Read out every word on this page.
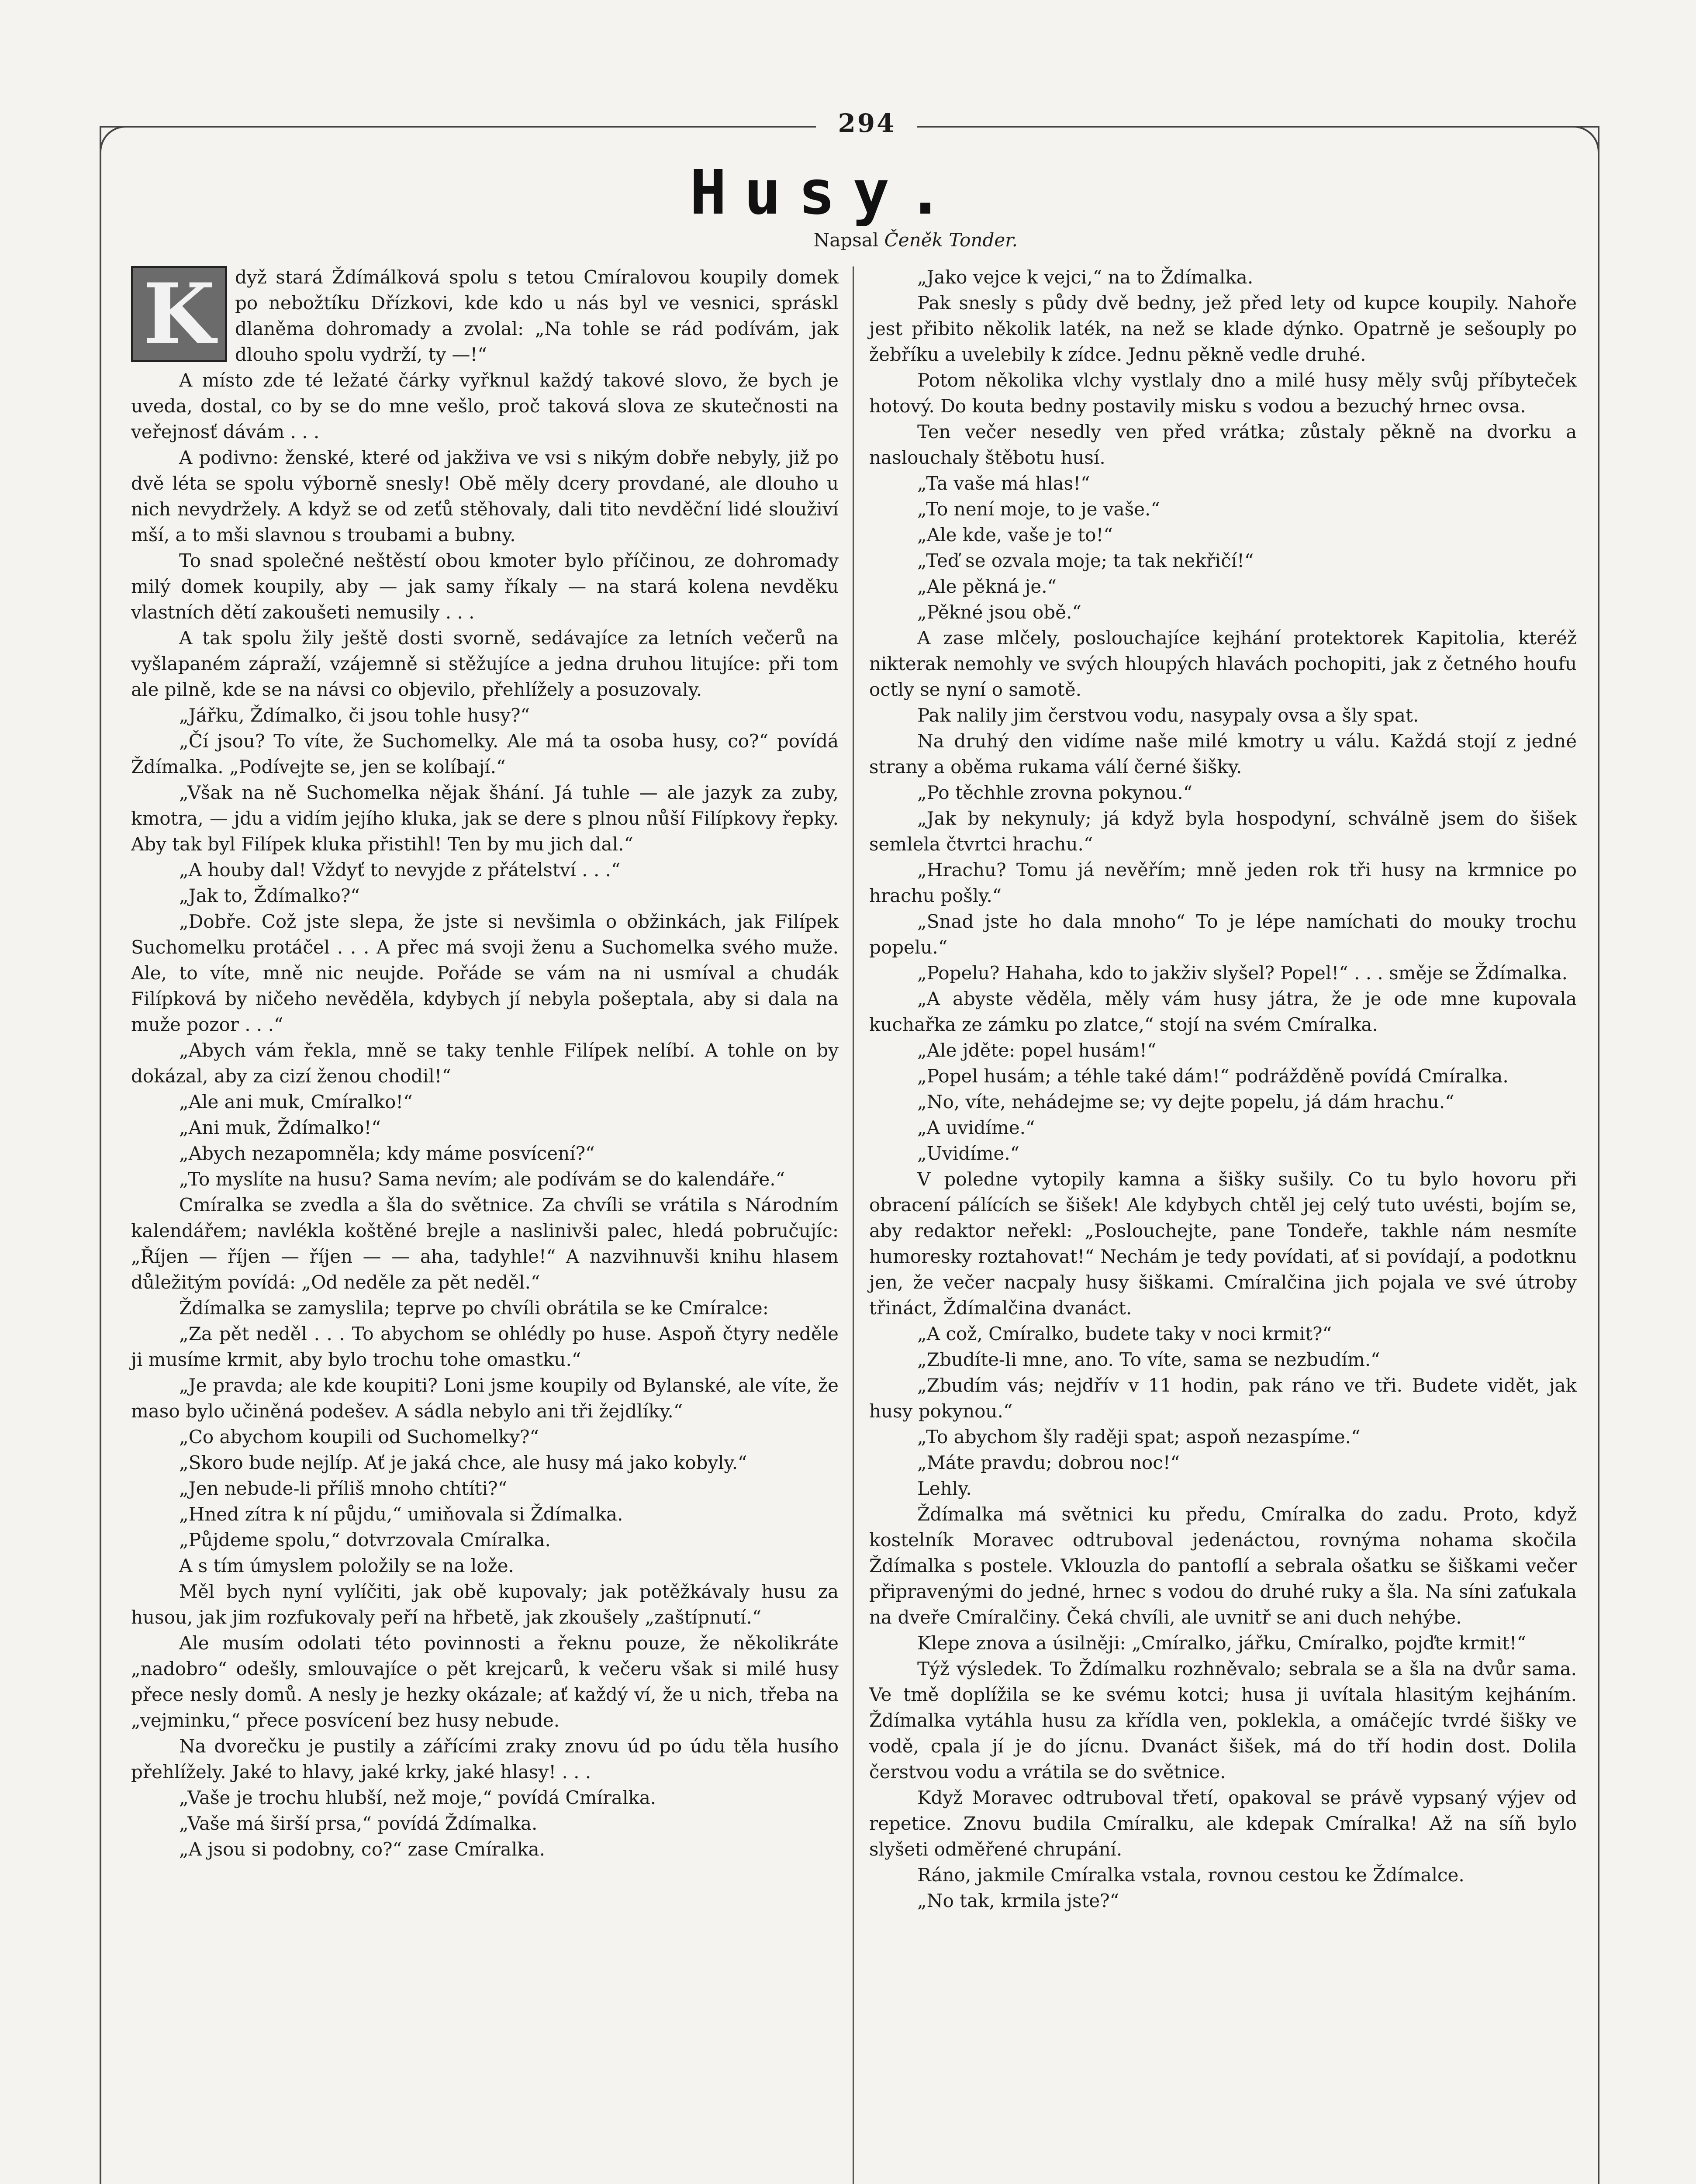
294
Husy.
Napsal Čeněk Tonder.
K	dyž stará Ždímálková spolu s tetou Cmíralovou koupily domek po nebožtíku Dřízkovi, kde kdo u nás byl ve vesnici, spráskl dlaněma dohromady a zvolal: „Na tohle se rád podívám, jak dlouho spolu vydrží, ty —!“

A místo zde té ležaté čárky vyřknul každý takové slovo, že bych je uveda, dostal, co by se do mne vešlo, proč taková slova ze skutečnosti na veřejnosť dávám . . .

A podivno: ženské, které od jakživa ve vsi s nikým dobře nebyly, již po dvě léta se spolu výborně snesly! Obě měly dcery provdané, ale dlouho u nich nevydržely. A když se od zeťů stěhovaly, dali tito nevděční lidé slouživí mší, a to mši slavnou s troubami a bubny.

To snad společné neštěstí obou kmoter bylo příčinou, ze dohromady milý domek koupily, aby — jak samy říkaly — na stará kolena nevděku vlastních dětí zakoušeti nemusily . . .

A tak spolu žily ještě dosti svorně, sedávajíce za letních večerů na vyšlapaném zápraží, vzájemně si stěžujíce a jedna druhou litujíce: při tom ale pilně, kde se na návsi co objevilo, přehlížely a posuzovaly.

„Jářku, Ždímalko, či jsou tohle husy?“

„Čí jsou? To víte, že Suchomelky. Ale má ta osoba husy, co?“ povídá Ždímalka. „Podívejte se, jen se kolíbají.“

„Však na ně Suchomelka nějak šhání. Já tuhle — ale jazyk za zuby, kmotra, — jdu a vidím jejího kluka, jak se dere s plnou nůší Filípkovy řepky. Aby tak byl Filípek kluka přistihl! Ten by mu jich dal.“

„A houby dal! Vždyť to nevyjde z přátelství . . .“

„Jak to, Ždímalko?“

„Dobře. Což jste slepa, že jste si nevšimla o obžinkách, jak Filípek Suchomelku protáčel . . . A přec má svoji ženu a Suchomelka svého muže. Ale, to víte, mně nic neujde. Pořáde se vám na ni usmíval a chudák Filípková by ničeho nevěděla, kdybych jí nebyla pošeptala, aby si dala na muže pozor . . .“

„Abych vám řekla, mně se taky tenhle Filípek nelíbí. A tohle on by dokázal, aby za cizí ženou chodil!“

„Ale ani muk, Cmíralko!“

„Ani muk, Ždímalko!“

„Abych nezapomněla; kdy máme posvícení?“

„To myslíte na husu? Sama nevím; ale podívám se do kalendáře.“

Cmíralka se zvedla a šla do světnice. Za chvíli se vrátila s Národním kalendářem; navlékla koštěné brejle a naslinivši palec, hledá pobručujíc: „Říjen — říjen — říjen — — aha, tadyhle!“ A nazvihnuvši knihu hlasem důležitým povídá: „Od neděle za pět neděl.“

Ždímalka se zamyslila; teprve po chvíli obrátila se ke Cmíralce:

„Za pět neděl . . . To abychom se ohlédly po huse. Aspoň čtyry neděle ji musíme krmit, aby bylo trochu tohe omastku.“

„Je pravda; ale kde koupiti? Loni jsme koupily od Bylanské, ale víte, že maso bylo učiněná podešev. A sádla nebylo ani tři žejdlíky.“

„Co abychom koupili od Suchomelky?“

„Skoro bude nejlíp. Ať je jaká chce, ale husy má jako kobyly.“

„Jen nebude-li příliš mnoho chtíti?“

„Hned zítra k ní půjdu,“ umiňovala si Ždímalka.

„Půjdeme spolu,“ dotvrzovala Cmíralka.

A s tím úmyslem položily se na lože.

Měl bych nyní vylíčiti, jak obě kupovaly; jak potěžkávaly husu za husou, jak jim rozfukovaly peří na hřbetě, jak zkoušely „zaštípnutí.“

Ale musím odolati této povinnosti a řeknu pouze, že několikráte „nadobro“ odešly, smlouvajíce o pět krejcarů, k večeru však si milé husy přece nesly domů. A nesly je hezky okázale; ať každý ví, že u nich, třeba na „vejminku,“ přece posvícení bez husy nebude.

Na dvorečku je pustily a zářícími zraky znovu úd po údu těla husího přehlížely. Jaké to hlavy, jaké krky, jaké hlasy! . . .

„Vaše je trochu hlubší, než moje,“ povídá Cmíralka.

„Vaše má širší prsa,“ povídá Ždímalka.

„A jsou si podobny, co?“ zase Cmíralka.

„Jako vejce k vejci,“ na to Ždímalka.

Pak snesly s půdy dvě bedny, jež před lety od kupce koupily. Nahoře jest přibito několik laték, na než se klade dýnko. Opatrně je sešouply po žebříku a uvelebily k zídce. Jednu pěkně vedle druhé.

Potom několika vlchy vystlaly dno a milé husy měly svůj příbyteček hotový. Do kouta bedny postavily misku s vodou a bezuchý hrnec ovsa.

Ten večer nesedly ven před vrátka; zůstaly pěkně na dvorku a naslouchaly štěbotu husí.

„Ta vaše má hlas!“

„To není moje, to je vaše.“

„Ale kde, vaše je to!“

„Teď se ozvala moje; ta tak nekřičí!“

„Ale pěkná je.“

„Pěkné jsou obě.“

A zase mlčely, poslouchajíce kejhání protektorek Kapitolia, kteréž nikterak nemohly ve svých hloupých hlavách pochopiti, jak z četného houfu octly se nyní o samotě.

Pak nalily jim čerstvou vodu, nasypaly ovsa a šly spat.

Na druhý den vidíme naše milé kmotry u válu. Každá stojí z jedné strany a oběma rukama válí černé šišky.

„Po těchhle zrovna pokynou.“

„Jak by nekynuly; já když byla hospodyní, schválně jsem do šišek semlela čtvrtci hrachu.“

„Hrachu? Tomu já nevěřím; mně jeden rok tři husy na krmnice po hrachu pošly.“

„Snad jste ho dala mnoho“ To je lépe namíchati do mouky trochu popelu.“

„Popelu? Hahaha, kdo to jakživ slyšel? Popel!“ . . . směje se Ždímalka.

„A abyste věděla, měly vám husy játra, že je ode mne kupovala kuchařka ze zámku po zlatce,“ stojí na svém Cmíralka.

„Ale jděte: popel husám!“

„Popel husám; a téhle také dám!“ podrážděně povídá Cmíralka.

„No, víte, nehádejme se; vy dejte popelu, já dám hrachu.“

„A uvidíme.“

„Uvidíme.“

V poledne vytopily kamna a šišky sušily. Co tu bylo hovoru při obracení pálících se šišek! Ale kdybych chtěl jej celý tuto uvésti, bojím se, aby redaktor neřekl: „Poslouchejte, pane Tondeře, takhle nám nesmíte humoresky roztahovat!“ Nechám je tedy povídati, ať si povídají, a podotknu jen, že večer nacpaly husy šiškami. Cmíralčina jich pojala ve své útroby třináct, Ždímalčina dvanáct.

„A což, Cmíralko, budete taky v noci krmit?“

„Zbudíte-li mne, ano. To víte, sama se nezbudím.“

„Zbudím vás; nejdřív v 11 hodin, pak ráno ve tři. Budete vidět, jak husy pokynou.“

„To abychom šly raději spat; aspoň nezaspíme.“

„Máte pravdu; dobrou noc!“

Lehly.

Ždímalka má světnici ku předu, Cmíralka do zadu. Proto, když kostelník Moravec odtruboval jedenáctou, rovnýma nohama skočila Ždímalka s postele. Vklouzla do pantoflí a sebrala ošatku se šiškami večer připravenými do jedné, hrnec s vodou do druhé ruky a šla. Na síni zaťukala na dveře Cmíralčiny. Čeká chvíli, ale uvnitř se ani duch nehýbe.

Klepe znova a úsilněji: „Cmíralko, jářku, Cmíralko, pojďte krmit!“

Týž výsledek. To Ždímalku rozhněvalo; sebrala se a šla na dvůr sama. Ve tmě doplížila se ke svému kotci; husa ji uvítala hlasitým kejháním. Ždímalka vytáhla husu za křídla ven, poklekla, a omáčejíc tvrdé šišky ve vodě, cpala jí je do jícnu. Dvanáct šišek, má do tří hodin dost. Dolila čerstvou vodu a vrátila se do světnice.

Když Moravec odtruboval třetí, opakoval se právě vypsaný výjev od repetice. Znovu budila Cmíralku, ale kdepak Cmíralka! Až na síň bylo slyšeti odměřené chrupání.

Ráno, jakmile Cmíralka vstala, rovnou cestou ke Ždímalce.

„No tak, krmila jste?“
